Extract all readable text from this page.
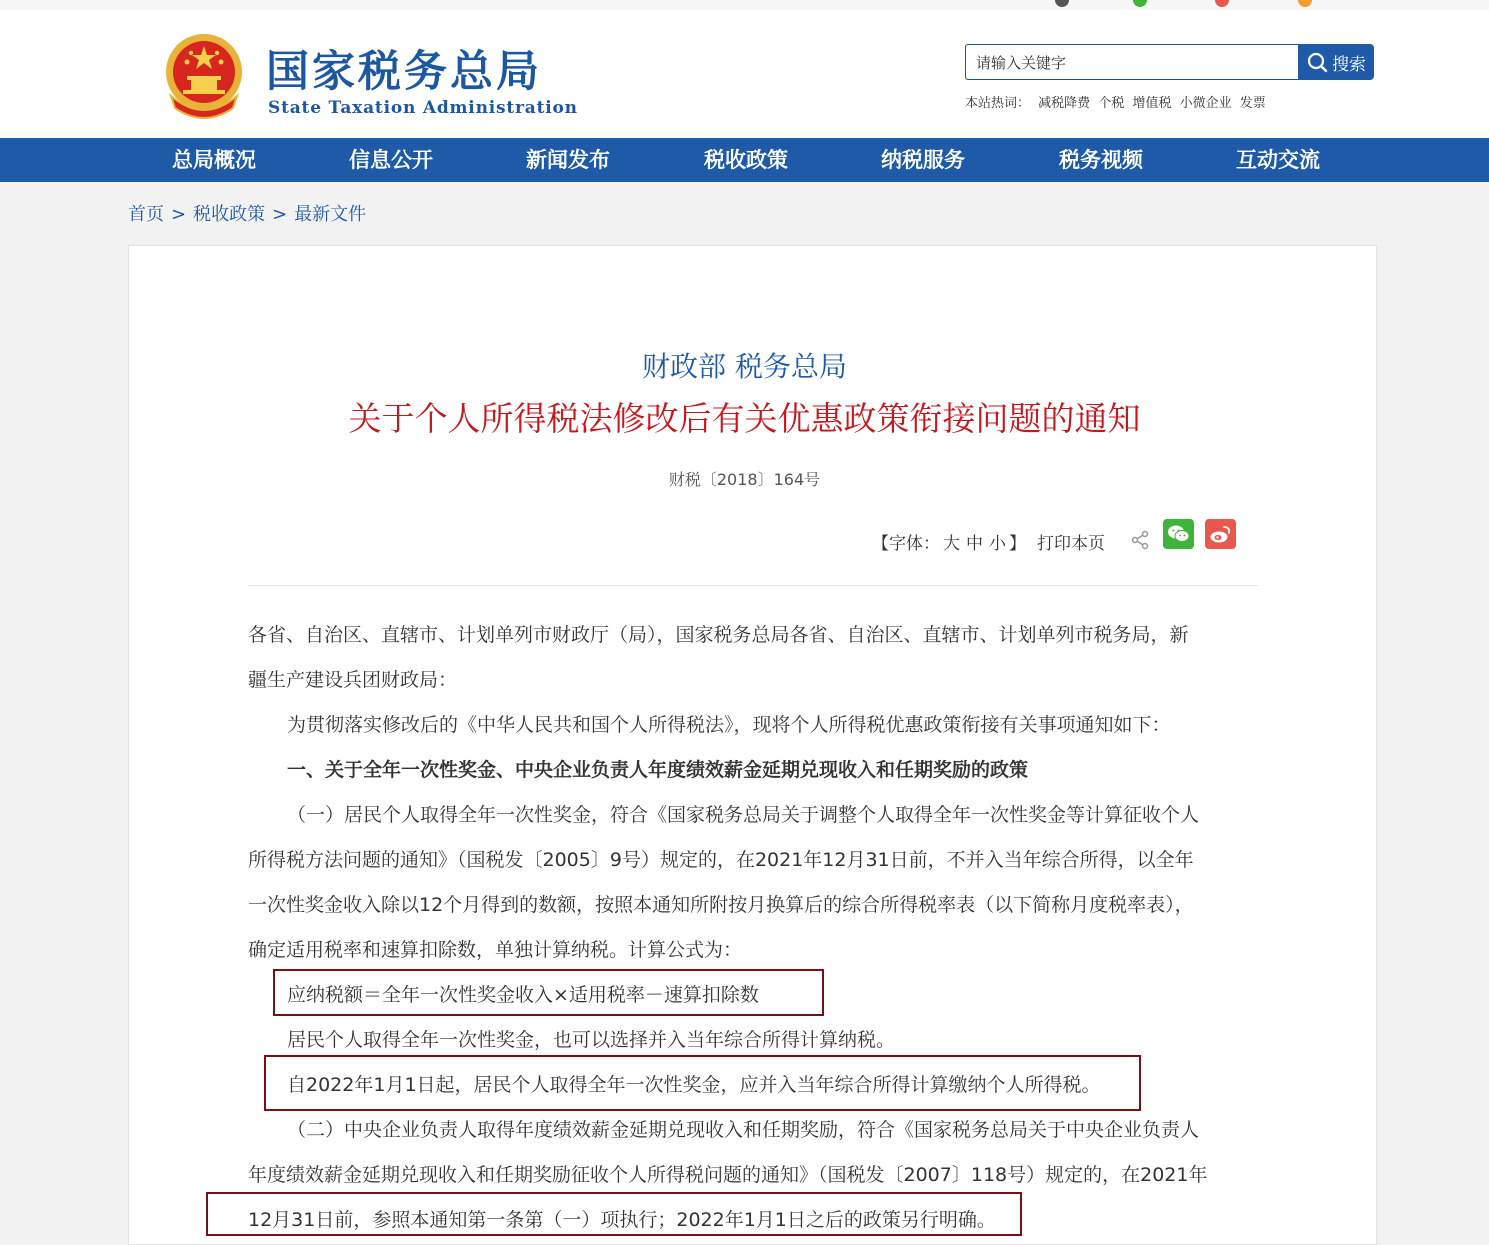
国家税务总局
State Taxation Administration
请输入关键字
搜索
本站热词： 减税降费 个税 增值税 小微企业 发票
总局概况	信息公开	新闻发布	税收政策	纳税服务	税务视频	互动交流
首页 > 税收政策 > 最新文件
财政部 税务总局
关于个人所得税法修改后有关优惠政策衔接问题的通知
财税〔2018〕164号
【字体： 大 中 小 】 打印本页
各省、自治区、直辖市、计划单列市财政厅（局），国家税务总局各省、自治区、直辖市、计划单列市税务局，新
疆生产建设兵团财政局：
为贯彻落实修改后的《中华人民共和国个人所得税法》，现将个人所得税优惠政策衔接有关事项通知如下：
一、关于全年一次性奖金、中央企业负责人年度绩效薪金延期兑现收入和任期奖励的政策
（一）居民个人取得全年一次性奖金，符合《国家税务总局关于调整个人取得全年一次性奖金等计算征收个人
所得税方法问题的通知》（国税发〔2005〕9号）规定的，在2021年12月31日前，不并入当年综合所得，以全年
一次性奖金收入除以12个月得到的数额，按照本通知所附按月换算后的综合所得税率表（以下简称月度税率表），
确定适用税率和速算扣除数，单独计算纳税。计算公式为：
应纳税额＝全年一次性奖金收入×适用税率－速算扣除数
居民个人取得全年一次性奖金，也可以选择并入当年综合所得计算纳税。
自2022年1月1日起，居民个人取得全年一次性奖金，应并入当年综合所得计算缴纳个人所得税。
（二）中央企业负责人取得年度绩效薪金延期兑现收入和任期奖励，符合《国家税务总局关于中央企业负责人
年度绩效薪金延期兑现收入和任期奖励征收个人所得税问题的通知》（国税发〔2007〕118号）规定的，在2021年
12月31日前，参照本通知第一条第（一）项执行；2022年1月1日之后的政策另行明确。
